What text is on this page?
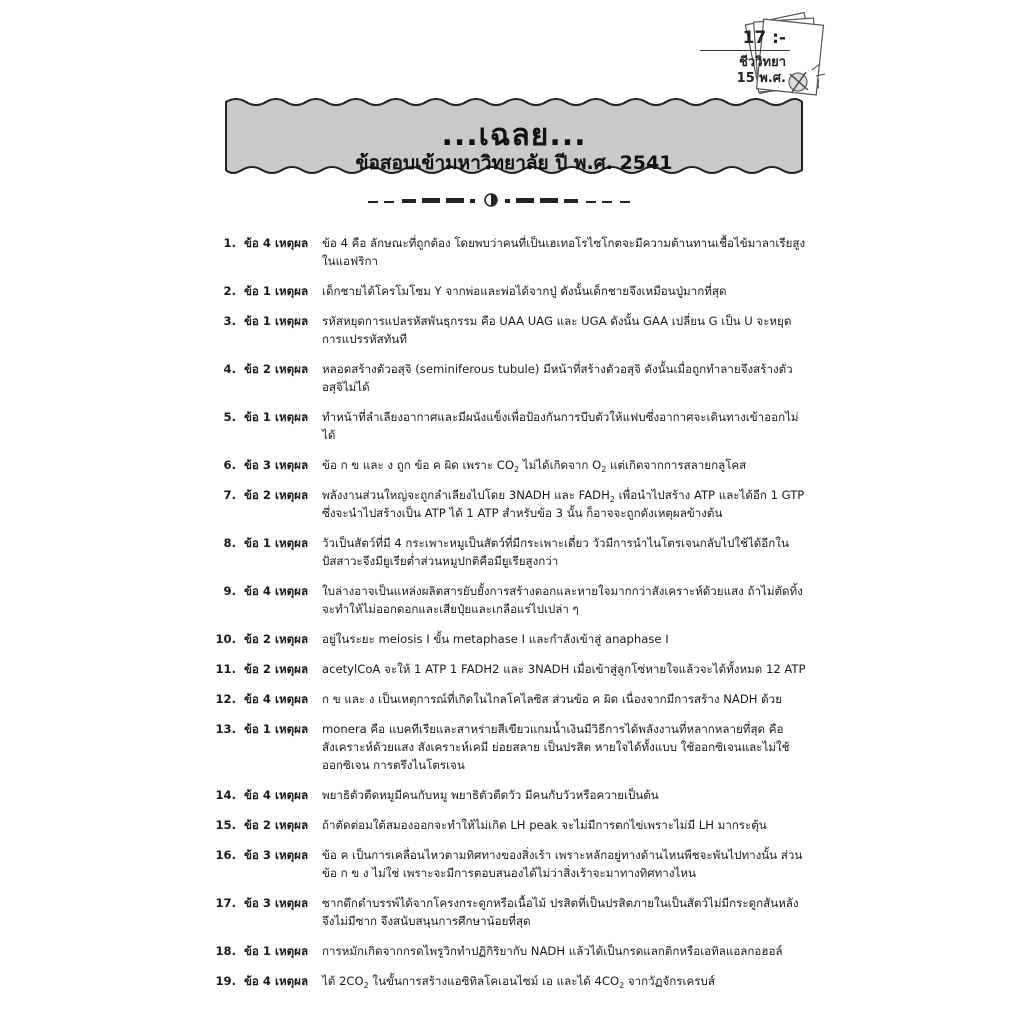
17 :-
ชีววิทยา
15 พ.ศ.
...เฉลย...
ข้อสอบเข้ามหาวิทยาลัย ปี พ.ศ. 2541
1. ข้อ 4 เหตุผล	ข้อ 4 คือ ลักษณะที่ถูกต้อง โดยพบว่าคนที่เป็นเฮเทอโรไซโกตจะมีความต้านทานเชื้อไข้มาลาเรียสูงในแอฟริกา
2. ข้อ 1 เหตุผล	เด็กชายได้โครโมโซม Y จากพ่อและพ่อได้จากปู่ ดังนั้นเด็กชายจึงเหมือนปู่มากที่สุด
3. ข้อ 1 เหตุผล	รหัสหยุดการแปลรหัสพันธุกรรม คือ UAA UAG และ UGA ดังนั้น GAA เปลี่ยน G เป็น U จะหยุดการแปรรหัสทันที
4. ข้อ 2 เหตุผล	หลอดสร้างตัวอสุจิ (seminiferous tubule) มีหน้าที่สร้างตัวอสุจิ ดังนั้นเมื่อถูกทำลายจึงสร้างตัวอสุจิไม่ได้
5. ข้อ 1 เหตุผล	ทำหน้าที่ลำเลียงอากาศและมีผนังแข็งเพื่อป้องกันการบีบตัวให้แฟบซึ่งอากาศจะเดินทางเข้าออกไม่ได้
6. ข้อ 3 เหตุผล	ข้อ ก ข และ ง ถูก ข้อ ค ผิด เพราะ $CO_2$ ไม่ได้เกิดจาก $O_2$ แต่เกิดจากการสลายกลูโคส
7. ข้อ 2 เหตุผล	พลังงานส่วนใหญ่จะถูกลำเลียงไปโดย 3NADH และ $FADH_2$ เพื่อนำไปสร้าง ATP และได้อีก 1 GTP ซึ่งจะนำไปสร้างเป็น ATP ได้ 1 ATP สำหรับข้อ 3 นั้น ก็อาจจะถูกดังเหตุผลข้างต้น
8. ข้อ 1 เหตุผล	วัวเป็นสัตว์ที่มี 4 กระเพาะหมูเป็นสัตว์ที่มีกระเพาะเดี่ยว วัวมีการนำไนโตรเจนกลับไปใช้ได้อีกในปัสสาวะจึงมียูเรียต่ำส่วนหมูปกติคือมียูเรียสูงกว่า
9. ข้อ 4 เหตุผล	ใบล่างอาจเป็นแหล่งผลิตสารยับยั้งการสร้างดอกและหายใจมากกว่าสังเคราะห์ด้วยแสง ถ้าไม่ตัดทิ้งจะทำให้ไม่ออกดอกและเสียปุ๋ยและเกลือแร่ไปเปล่า ๆ
10. ข้อ 2 เหตุผล	อยู่ในระยะ meiosis I ขั้น metaphase I และกำลังเข้าสู่ anaphase I
11. ข้อ 2 เหตุผล	acetylCoA จะให้ 1 ATP 1 FADH2 และ 3NADH เมื่อเข้าสู่ลูกโซ่หายใจแล้วจะได้ทั้งหมด 12 ATP
12. ข้อ 4 เหตุผล	ก ข และ ง เป็นเหตุการณ์ที่เกิดในไกลโคไลซิส ส่วนข้อ ค ผิด เนื่องจากมีการสร้าง NADH ด้วย
13. ข้อ 1 เหตุผล	monera คือ แบคทีเรียและสาหร่ายสีเขียวแกมน้ำเงินมีวิธีการได้พลังงานที่หลากหลายที่สุด คือ สังเคราะห์ด้วยแสง สังเคราะห์เคมี ย่อยสลาย เป็นปรสิต หายใจได้ทั้งแบบ ใช้ออกซิเจนและไม่ใช้ออกซิเจน การตรึงไนโตรเจน
14. ข้อ 4 เหตุผล	พยาธิตัวตืดหมูมีคนกับหมู พยาธิตัวตืดวัว มีคนกับวัวหรือควายเป็นต้น
15. ข้อ 2 เหตุผล	ถ้าตัดต่อมใต้สมองออกจะทำให้ไม่เกิด LH peak จะไม่มีการตกไข่เพราะไม่มี LH มากระตุ้น
16. ข้อ 3 เหตุผล	ข้อ ค เป็นการเคลื่อนไหวตามทิศทางของสิ่งเร้า เพราะหลักอยู่ทางด้านไหนพืชจะพันไปทางนั้น ส่วนข้อ ก ข ง ไม่ใช่ เพราะจะมีการตอบสนองได้ไม่ว่าสิ่งเร้าจะมาทางทิศทางไหน
17. ข้อ 3 เหตุผล	ซากดึกดำบรรพ์ได้จากโครงกระดูกหรือเนื้อไม้ ปรสิตที่เป็นปรสิตภายในเป็นสัตว์ไม่มีกระดูกสันหลังจึงไม่มีซาก จึงสนับสนุนการศึกษาน้อยที่สุด
18. ข้อ 1 เหตุผล	การหมักเกิดจากกรดไพรูวิกทำปฏิกิริยากับ NADH แล้วได้เป็นกรดแลกติกหรือเอทิลแอลกอฮอล์
19. ข้อ 4 เหตุผล	ได้ $2CO_2$ ในขั้นการสร้างแอซิทิลโคเอนไซม์ เอ และได้ $4CO_2$ จากวัฏจักรเครบส์
